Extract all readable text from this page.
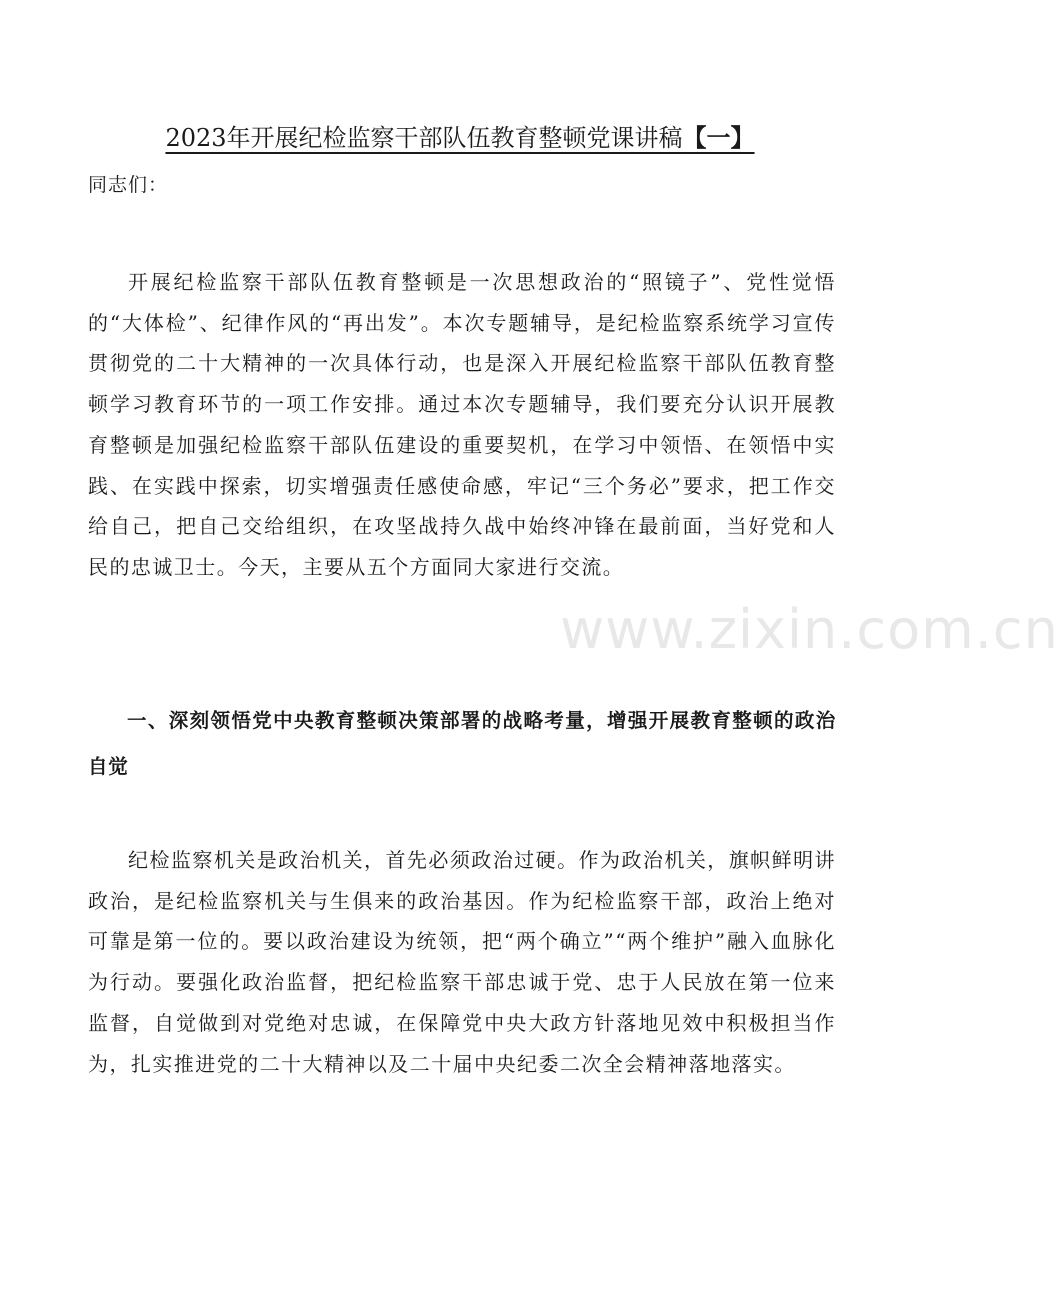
2023年开展纪检监察干部队伍教育整顿党课讲稿【一】

同志们：

开展纪检监察干部队伍教育整顿是一次思想政治的“照镜子”、党性觉悟的“大体检”、纪律作风的“再出发”。本次专题辅导，是纪检监察系统学习宣传贯彻党的二十大精神的一次具体行动，也是深入开展纪检监察干部队伍教育整顿学习教育环节的一项工作安排。通过本次专题辅导，我们要充分认识开展教育整顿是加强纪检监察干部队伍建设的重要契机，在学习中领悟、在领悟中实践、在实践中探索，切实增强责任感使命感，牢记“三个务必”要求，把工作交给自己，把自己交给组织，在攻坚战持久战中始终冲锋在最前面，当好党和人民的忠诚卫士。今天，主要从五个方面同大家进行交流。

www.zixin.com.cn
一、深刻领悟党中央教育整顿决策部署的战略考量，增强开展教育整顿的政治自觉

纪检监察机关是政治机关，首先必须政治过硬。作为政治机关，旗帜鲜明讲政治，是纪检监察机关与生俱来的政治基因。作为纪检监察干部，政治上绝对可靠是第一位的。要以政治建设为统领，把“两个确立”“两个维护”融入血脉化为行动。要强化政治监督，把纪检监察干部忠诚于党、忠于人民放在第一位来监督，自觉做到对党绝对忠诚，在保障党中央大政方针落地见效中积极担当作为，扎实推进党的二十大精神以及二十届中央纪委二次全会精神落地落实。
